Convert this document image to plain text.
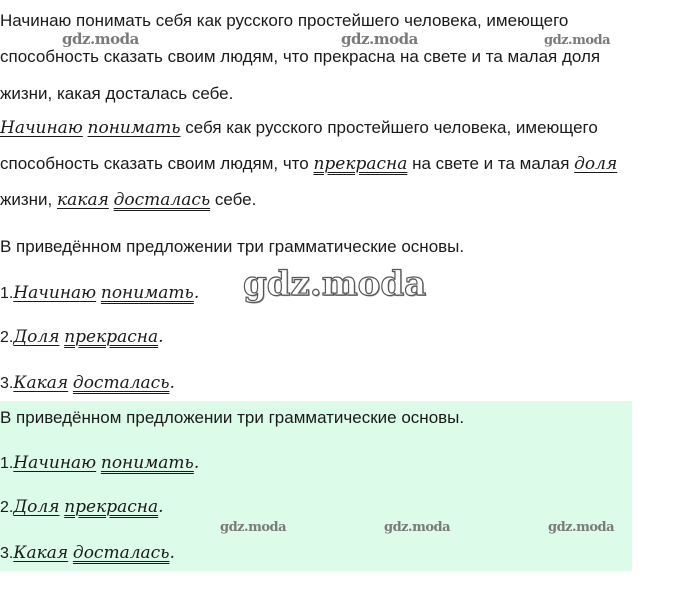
Начинаю понимать себя как русского простейшего человека, имеющего
способность сказать своим людям, что прекрасна на свете и та малая доля
жизни, какая досталась себе.
Начинаю понимать себя как русского простейшего человека, имеющего
способность сказать своим людям, что прекрасна на свете и та малая доля
жизни, какая досталась себе.
В приведённом предложении три грамматические основы.
1.Начинаю понимать.
2.Доля прекрасна.
3.Какая досталась.
В приведённом предложении три грамматические основы.
1.Начинаю понимать.
2.Доля прекрасна.
3.Какая досталась.
gdz.moda	gdz.moda	gdz.moda
gdz.moda
gdz.moda	gdz.moda	gdz.moda
